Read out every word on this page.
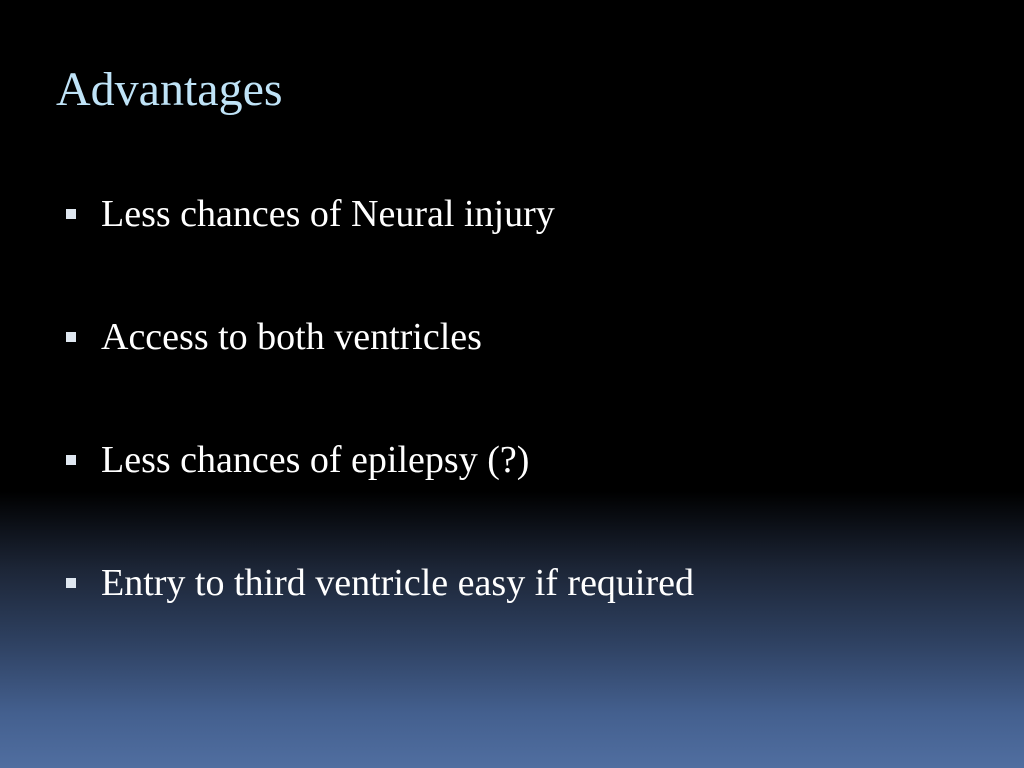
Advantages
Less chances of Neural injury
Access to both ventricles
Less chances of epilepsy (?)
Entry to third ventricle easy if required
